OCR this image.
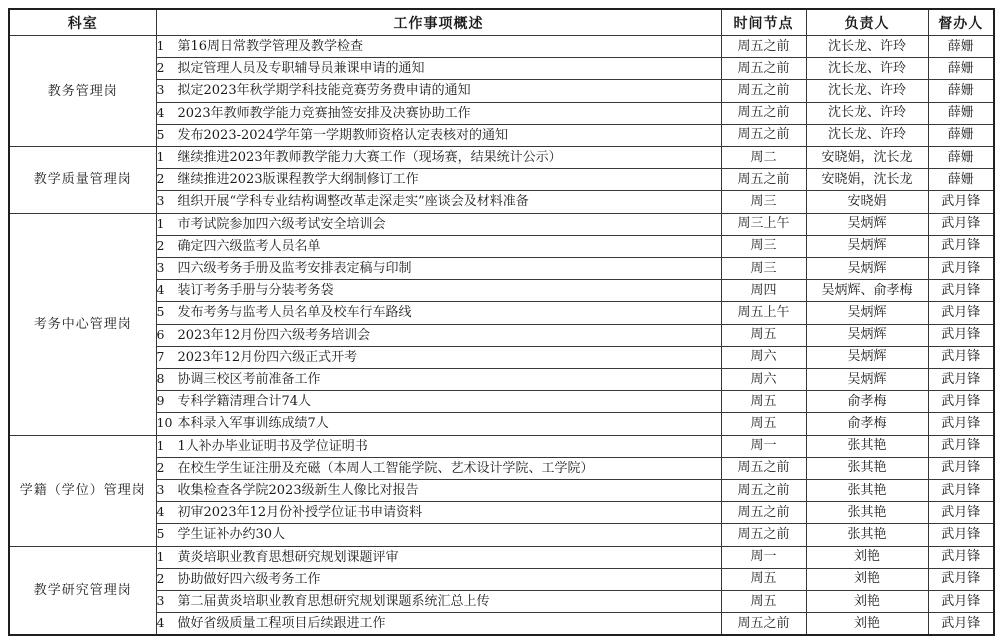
科室	工作事项概述	时间节点	负责人	督办人
教务管理岗	1 第16周日常教学管理及教学检查	周五之前	沈长龙、许玲	薛姗
	2 拟定管理人员及专职辅导员兼课申请的通知	周五之前	沈长龙、许玲	薛姗
	3 拟定2023年秋学期学科技能竞赛劳务费申请的通知	周五之前	沈长龙、许玲	薛姗
	4 2023年教师教学能力竞赛抽签安排及决赛协助工作	周五之前	沈长龙、许玲	薛姗
	5 发布2023-2024学年第一学期教师资格认定表核对的通知	周五之前	沈长龙、许玲	薛姗
教学质量管理岗	1 继续推进2023年教师教学能力大赛工作（现场赛，结果统计公示）	周二	安晓娟，沈长龙	薛姗
	2 继续推进2023版课程教学大纲制修订工作	周五之前	安晓娟，沈长龙	薛姗
	3 组织开展“学科专业结构调整改革走深走实”座谈会及材料准备	周三	安晓娟	武月锋
考务中心管理岗	1 市考试院参加四六级考试安全培训会	周三上午	吴炳辉	武月锋
	2 确定四六级监考人员名单	周三	吴炳辉	武月锋
	3 四六级考务手册及监考安排表定稿与印制	周三	吴炳辉	武月锋
	4 装订考务手册与分装考务袋	周四	吴炳辉、俞孝梅	武月锋
	5 发布考务与监考人员名单及校车行车路线	周五上午	吴炳辉	武月锋
	6 2023年12月份四六级考务培训会	周五	吴炳辉	武月锋
	7 2023年12月份四六级正式开考	周六	吴炳辉	武月锋
	8 协调三校区考前准备工作	周六	吴炳辉	武月锋
	9 专科学籍清理合计74人	周五	俞孝梅	武月锋
	10 本科录入军事训练成绩7人	周五	俞孝梅	武月锋
学籍（学位）管理岗	1 1人补办毕业证明书及学位证明书	周一	张其艳	武月锋
	2 在校生学生证注册及充磁（本周人工智能学院、艺术设计学院、工学院）	周五之前	张其艳	武月锋
	3 收集检查各学院2023级新生人像比对报告	周五之前	张其艳	武月锋
	4 初审2023年12月份补授学位证书申请资料	周五之前	张其艳	武月锋
	5 学生证补办约30人	周五之前	张其艳	武月锋
教学研究管理岗	1 黄炎培职业教育思想研究规划课题评审	周一	刘艳	武月锋
	2 协助做好四六级考务工作	周五	刘艳	武月锋
	3 第二届黄炎培职业教育思想研究规划课题系统汇总上传	周五	刘艳	武月锋
	4 做好省级质量工程项目后续跟进工作	周五之前	刘艳	武月锋
